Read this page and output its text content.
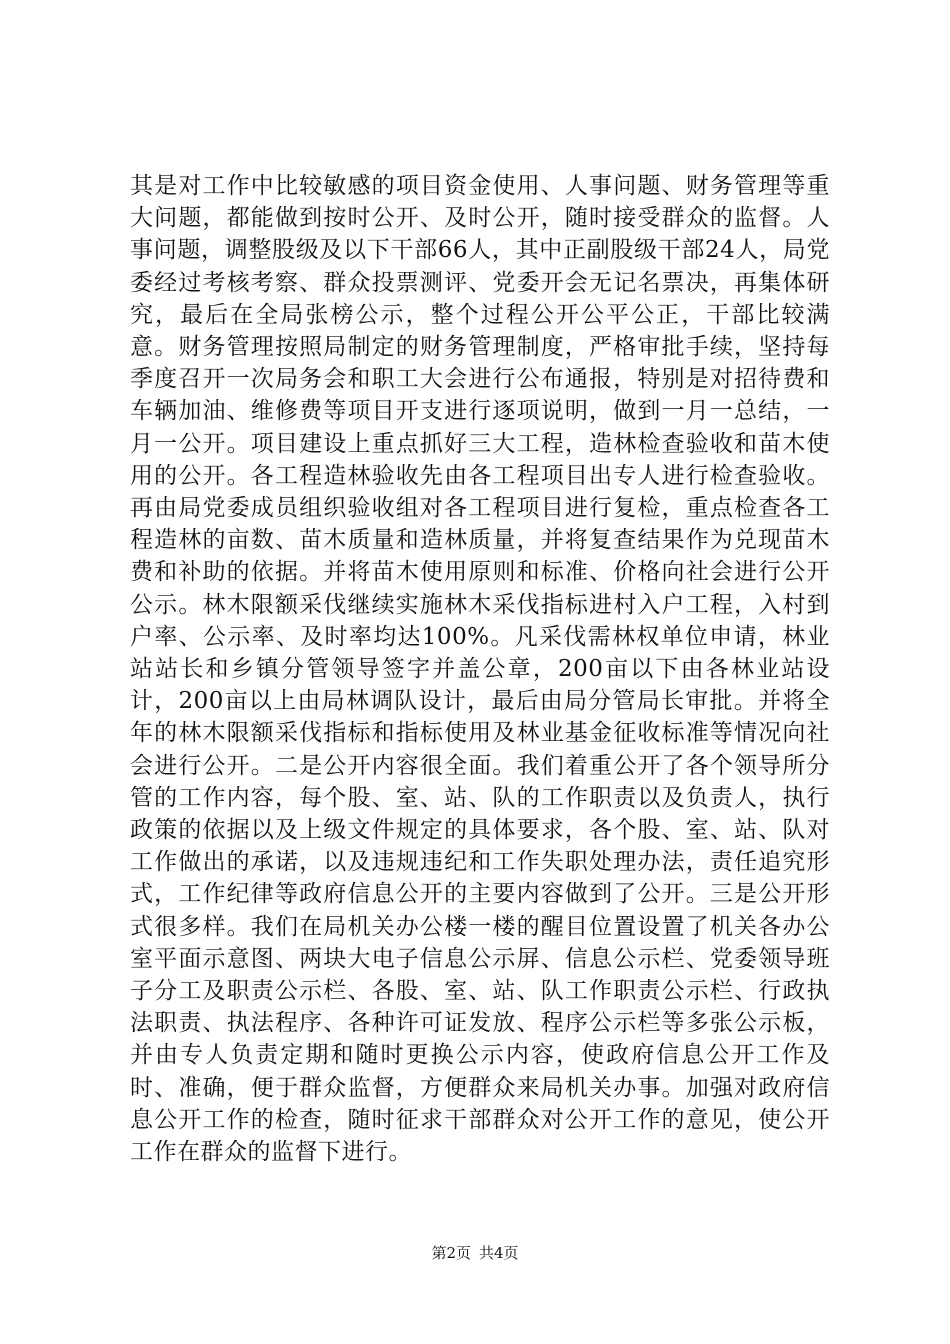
其是对工作中比较敏感的项目资金使用、人事问题、财务管理等重大问题，都能做到按时公开、及时公开，随时接受群众的监督。人事问题，调整股级及以下干部66人，其中正副股级干部24人，局党委经过考核考察、群众投票测评、党委开会无记名票决，再集体研究，最后在全局张榜公示，整个过程公开公平公正，干部比较满意。财务管理按照局制定的财务管理制度，严格审批手续，坚持每季度召开一次局务会和职工大会进行公布通报，特别是对招待费和车辆加油、维修费等项目开支进行逐项说明，做到一月一总结，一月一公开。项目建设上重点抓好三大工程，造林检查验收和苗木使用的公开。各工程造林验收先由各工程项目出专人进行检查验收。再由局党委成员组织验收组对各工程项目进行复检，重点检查各工程造林的亩数、苗木质量和造林质量，并将复查结果作为兑现苗木费和补助的依据。并将苗木使用原则和标准、价格向社会进行公开公示。林木限额采伐继续实施林木采伐指标进村入户工程，入村到户率、公示率、及时率均达100%。凡采伐需林权单位申请，林业站站长和乡镇分管领导签字并盖公章，200亩以下由各林业站设计，200亩以上由局林调队设计，最后由局分管局长审批。并将全年的林木限额采伐指标和指标使用及林业基金征收标准等情况向社会进行公开。二是公开内容很全面。我们着重公开了各个领导所分管的工作内容，每个股、室、站、队的工作职责以及负责人，执行政策的依据以及上级文件规定的具体要求，各个股、室、站、队对工作做出的承诺，以及违规违纪和工作失职处理办法，责任追究形式，工作纪律等政府信息公开的主要内容做到了公开。三是公开形式很多样。我们在局机关办公楼一楼的醒目位置设置了机关各办公室平面示意图、两块大电子信息公示屏、信息公示栏、党委领导班子分工及职责公示栏、各股、室、站、队工作职责公示栏、行政执法职责、执法程序、各种许可证发放、程序公示栏等多张公示板，并由专人负责定期和随时更换公示内容，使政府信息公开工作及时、准确，便于群众监督，方便群众来局机关办事。加强对政府信息公开工作的检查，随时征求干部群众对公开工作的意见，使公开工作在群众的监督下进行。

第2页 共4页
